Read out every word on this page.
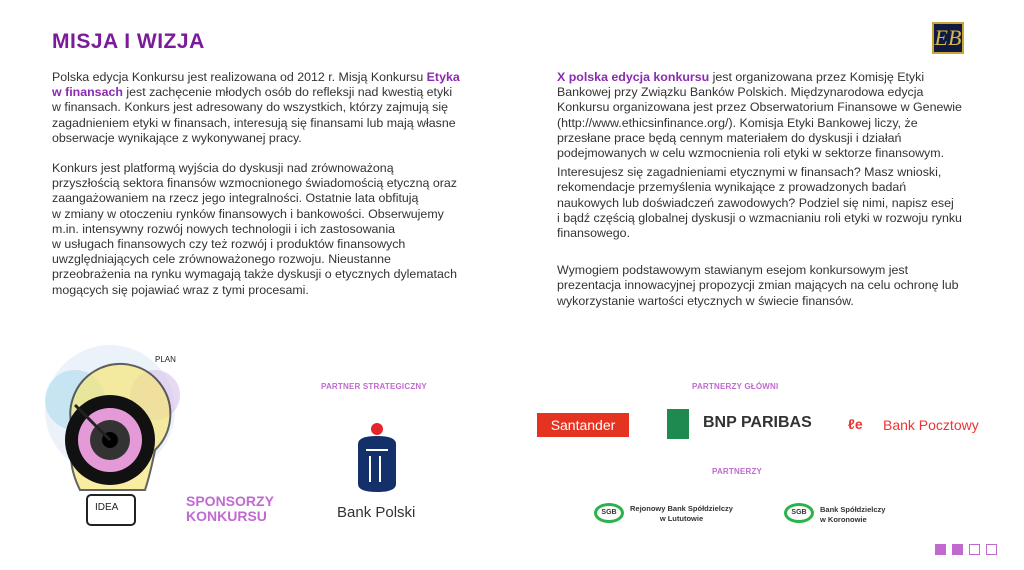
MISJA I WIZJA	EB

Polska edycja Konkursu jest realizowana od 2012 r. Misją Konkursu Etyka
w finansach jest zachęcenie młodych osób do refleksji nad kwestią etyki
w finansach. Konkurs jest adresowany do wszystkich, którzy zajmują się
zagadnieniem etyki w finansach, interesują się finansami lub mają własne
obserwacje wynikające z wykonywanej pracy.

Konkurs jest platformą wyjścia do dyskusji nad zrównoważoną
przyszłością sektora finansów wzmocnionego świadomością etyczną oraz
zaangażowaniem na rzecz jego integralności. Ostatnie lata obfitują
w zmiany w otoczeniu rynków finansowych i bankowości. Obserwujemy
m.in. intensywny rozwój nowych technologii i ich zastosowania
w usługach finansowych czy też rozwój i produktów finansowych
uwzględniających cele zrównoważonego rozwoju. Nieustanne
przeobrażenia na rynku wymagają także dyskusji o etycznych dylematach
mogących się pojawiać wraz z tymi procesami.

X polska edycja konkursu jest organizowana przez Komisję Etyki
Bankowej przy Związku Banków Polskich. Międzynarodowa edycja
Konkursu organizowana jest przez Obserwatorium Finansowe w Genewie
(http://www.ethicsinfinance.org/). Komisja Etyki Bankowej liczy, że
przesłane prace będą cennym materiałem do dyskusji i działań
podejmowanych w celu wzmocnienia roli etyki w sektorze finansowym.

Interesujesz się zagadnieniami etycznymi w finansach? Masz wnioski,
rekomendacje przemyślenia wynikające z prowadzonych badań
naukowych lub doświadczeń zawodowych? Podziel się nimi, napisz esej
i bądź częścią globalnej dyskusji o wzmacnianiu roli etyki w rozwoju rynku
finansowego.

Wymogiem podstawowym stawianym esejom konkursowym jest
prezentacja innowacyjnej propozycji zmian mających na celu ochronę lub
wykorzystanie wartości etycznych w świecie finansów.

IDEA
PLAN
SPONSORZY
KONKURSU
PARTNER STRATEGICZNY
Bank Polski
PARTNERZY GŁÓWNI
Santander	BNP PARIBAS	ℓe Bank Pocztowy
PARTNERZY
SGB	Rejonowy Bank Spółdzielczy
w Lututowie
SGB	Bank Spółdzielczy
w Koronowie
